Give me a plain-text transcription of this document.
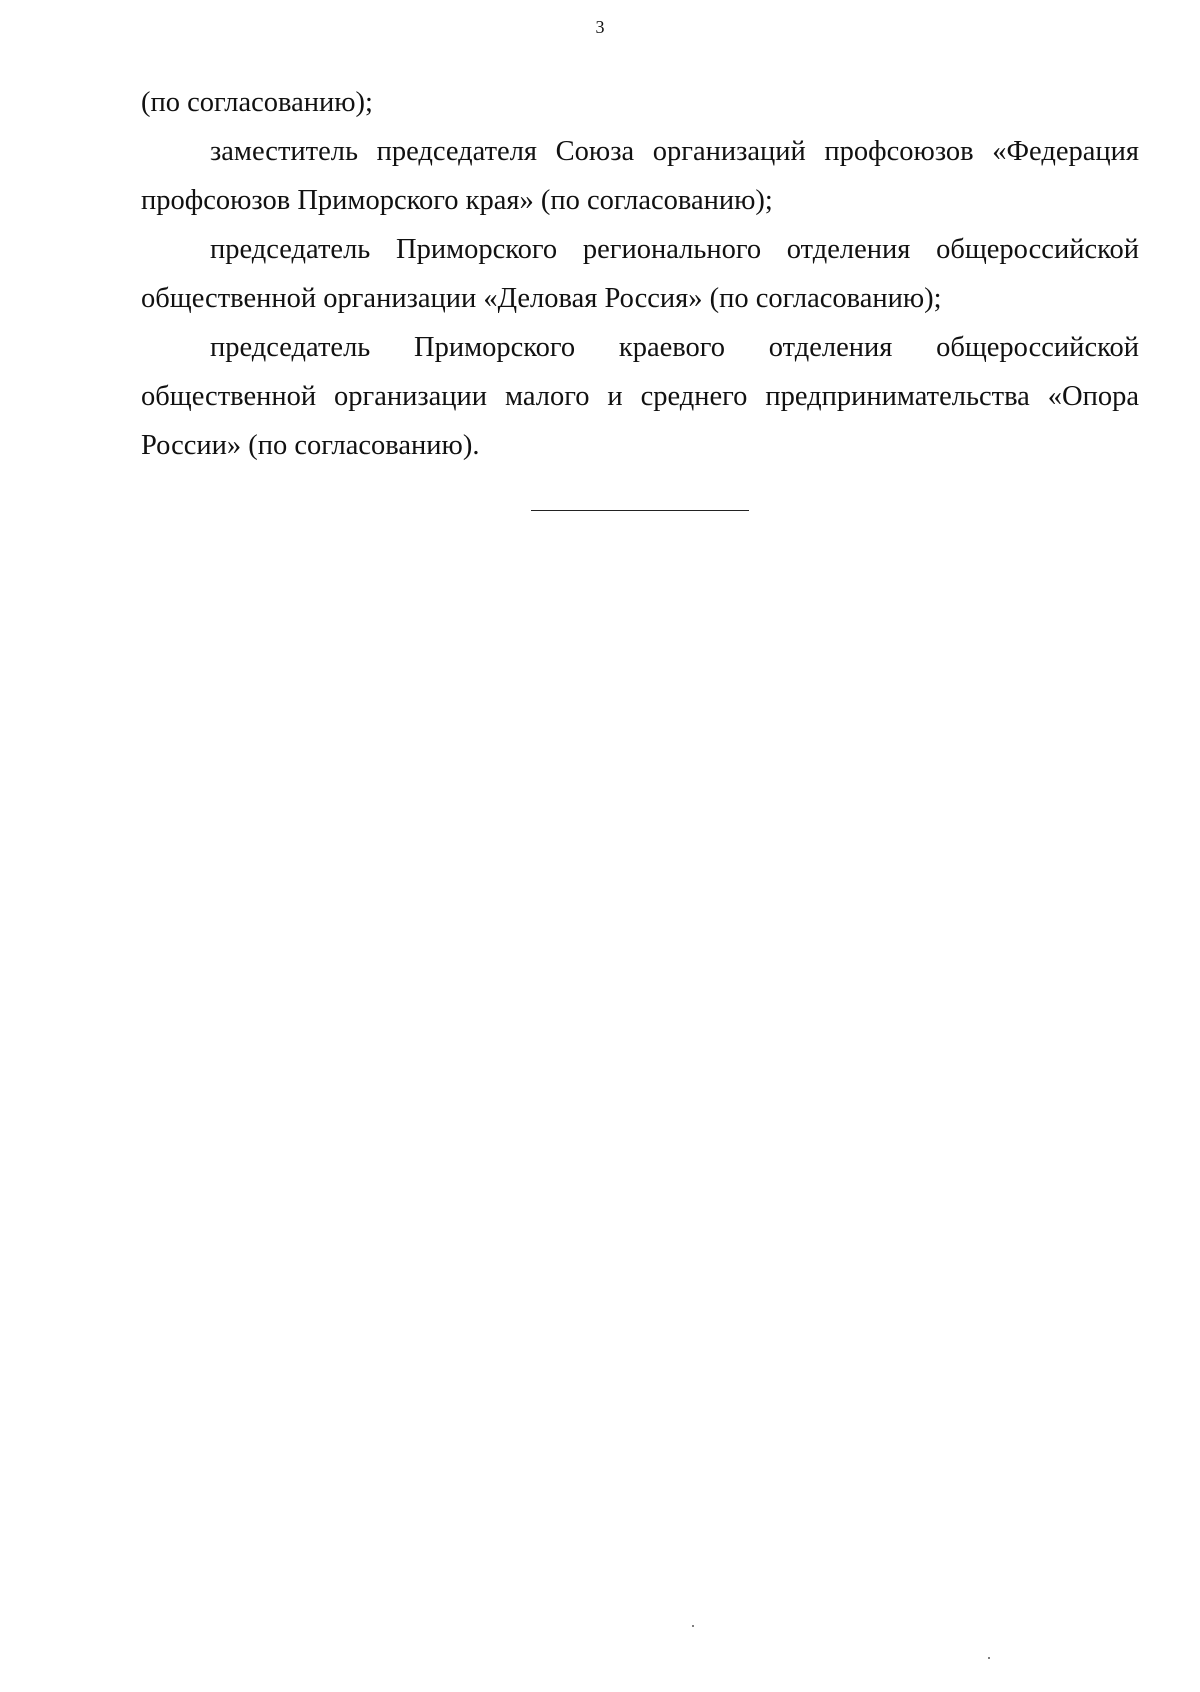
3

(по согласованию);

заместитель председателя Союза организаций профсоюзов «Федерация профсоюзов Приморского края» (по согласованию);

председатель Приморского регионального отделения общероссийской общественной организации «Деловая Россия» (по согласованию);

председатель Приморского краевого отделения общероссийской общественной организации малого и среднего предпринимательства «Опора России» (по согласованию).
